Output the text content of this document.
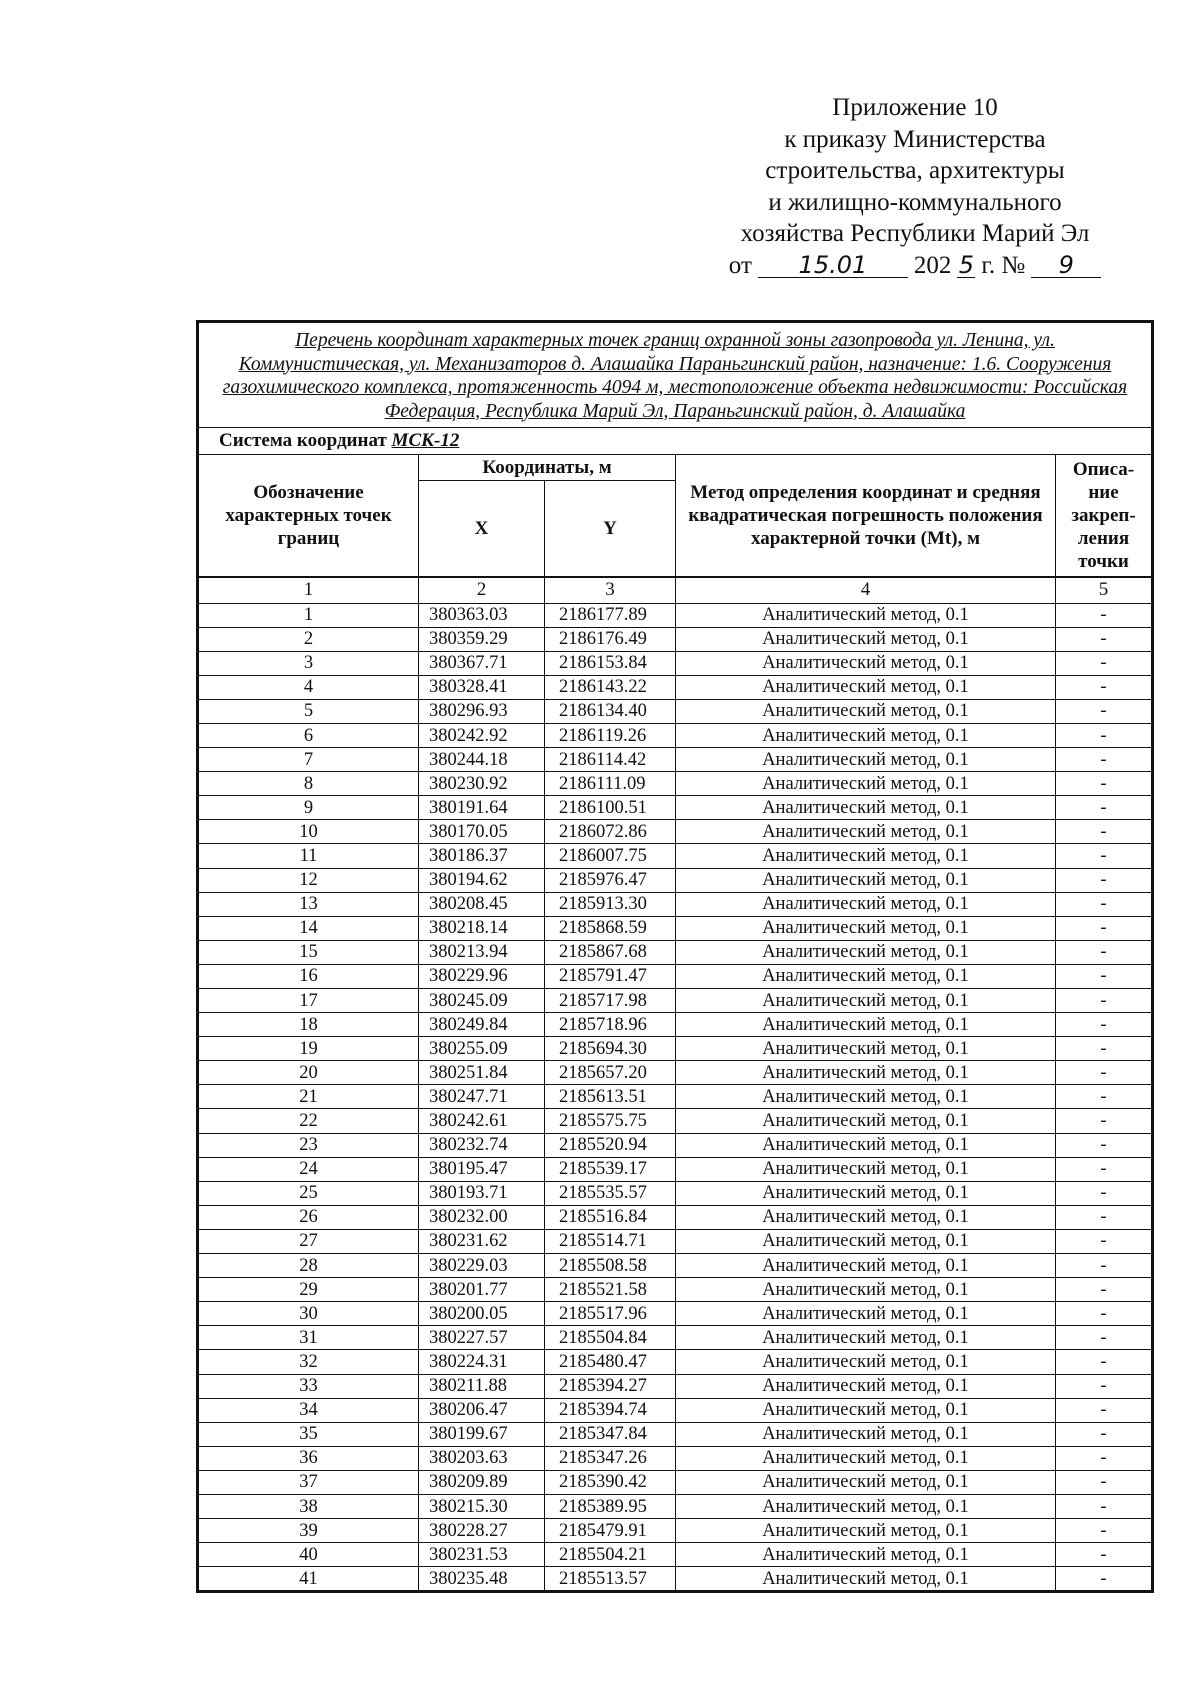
Приложение 10
к приказу Министерства
строительства, архитектуры
и жилищно-коммунального
хозяйства Республики Марий Эл
от	15.01	202 5 г. №	9
Перечень координат характерных точек границ охранной зоны газопровода ул. Ленина, ул. Коммунистическая, ул. Механизаторов д. Алашайка Параньгинский район, назначение: 1.6. Сооружения газохимического комплекса, протяженность 4094 м, местоположение объекта недвижимости: Российская Федерация, Республика Марий Эл, Параньгинский район, д. Алашайка				
Система координат МСК-12				
Обозначение характерных точек границ	Координаты, м		Метод определения координат и средняя квадратическая погрешность положения характерной точки (Mt), м	Описа- ние закреп- ления точки
	X	Y		
1	2	3	4	5
1	380363.03	2186177.89	Аналитический метод, 0.1	-
2	380359.29	2186176.49	Аналитический метод, 0.1	-
3	380367.71	2186153.84	Аналитический метод, 0.1	-
4	380328.41	2186143.22	Аналитический метод, 0.1	-
5	380296.93	2186134.40	Аналитический метод, 0.1	-
6	380242.92	2186119.26	Аналитический метод, 0.1	-
7	380244.18	2186114.42	Аналитический метод, 0.1	-
8	380230.92	2186111.09	Аналитический метод, 0.1	-
9	380191.64	2186100.51	Аналитический метод, 0.1	-
10	380170.05	2186072.86	Аналитический метод, 0.1	-
11	380186.37	2186007.75	Аналитический метод, 0.1	-
12	380194.62	2185976.47	Аналитический метод, 0.1	-
13	380208.45	2185913.30	Аналитический метод, 0.1	-
14	380218.14	2185868.59	Аналитический метод, 0.1	-
15	380213.94	2185867.68	Аналитический метод, 0.1	-
16	380229.96	2185791.47	Аналитический метод, 0.1	-
17	380245.09	2185717.98	Аналитический метод, 0.1	-
18	380249.84	2185718.96	Аналитический метод, 0.1	-
19	380255.09	2185694.30	Аналитический метод, 0.1	-
20	380251.84	2185657.20	Аналитический метод, 0.1	-
21	380247.71	2185613.51	Аналитический метод, 0.1	-
22	380242.61	2185575.75	Аналитический метод, 0.1	-
23	380232.74	2185520.94	Аналитический метод, 0.1	-
24	380195.47	2185539.17	Аналитический метод, 0.1	-
25	380193.71	2185535.57	Аналитический метод, 0.1	-
26	380232.00	2185516.84	Аналитический метод, 0.1	-
27	380231.62	2185514.71	Аналитический метод, 0.1	-
28	380229.03	2185508.58	Аналитический метод, 0.1	-
29	380201.77	2185521.58	Аналитический метод, 0.1	-
30	380200.05	2185517.96	Аналитический метод, 0.1	-
31	380227.57	2185504.84	Аналитический метод, 0.1	-
32	380224.31	2185480.47	Аналитический метод, 0.1	-
33	380211.88	2185394.27	Аналитический метод, 0.1	-
34	380206.47	2185394.74	Аналитический метод, 0.1	-
35	380199.67	2185347.84	Аналитический метод, 0.1	-
36	380203.63	2185347.26	Аналитический метод, 0.1	-
37	380209.89	2185390.42	Аналитический метод, 0.1	-
38	380215.30	2185389.95	Аналитический метод, 0.1	-
39	380228.27	2185479.91	Аналитический метод, 0.1	-
40	380231.53	2185504.21	Аналитический метод, 0.1	-
41	380235.48	2185513.57	Аналитический метод, 0.1	-
